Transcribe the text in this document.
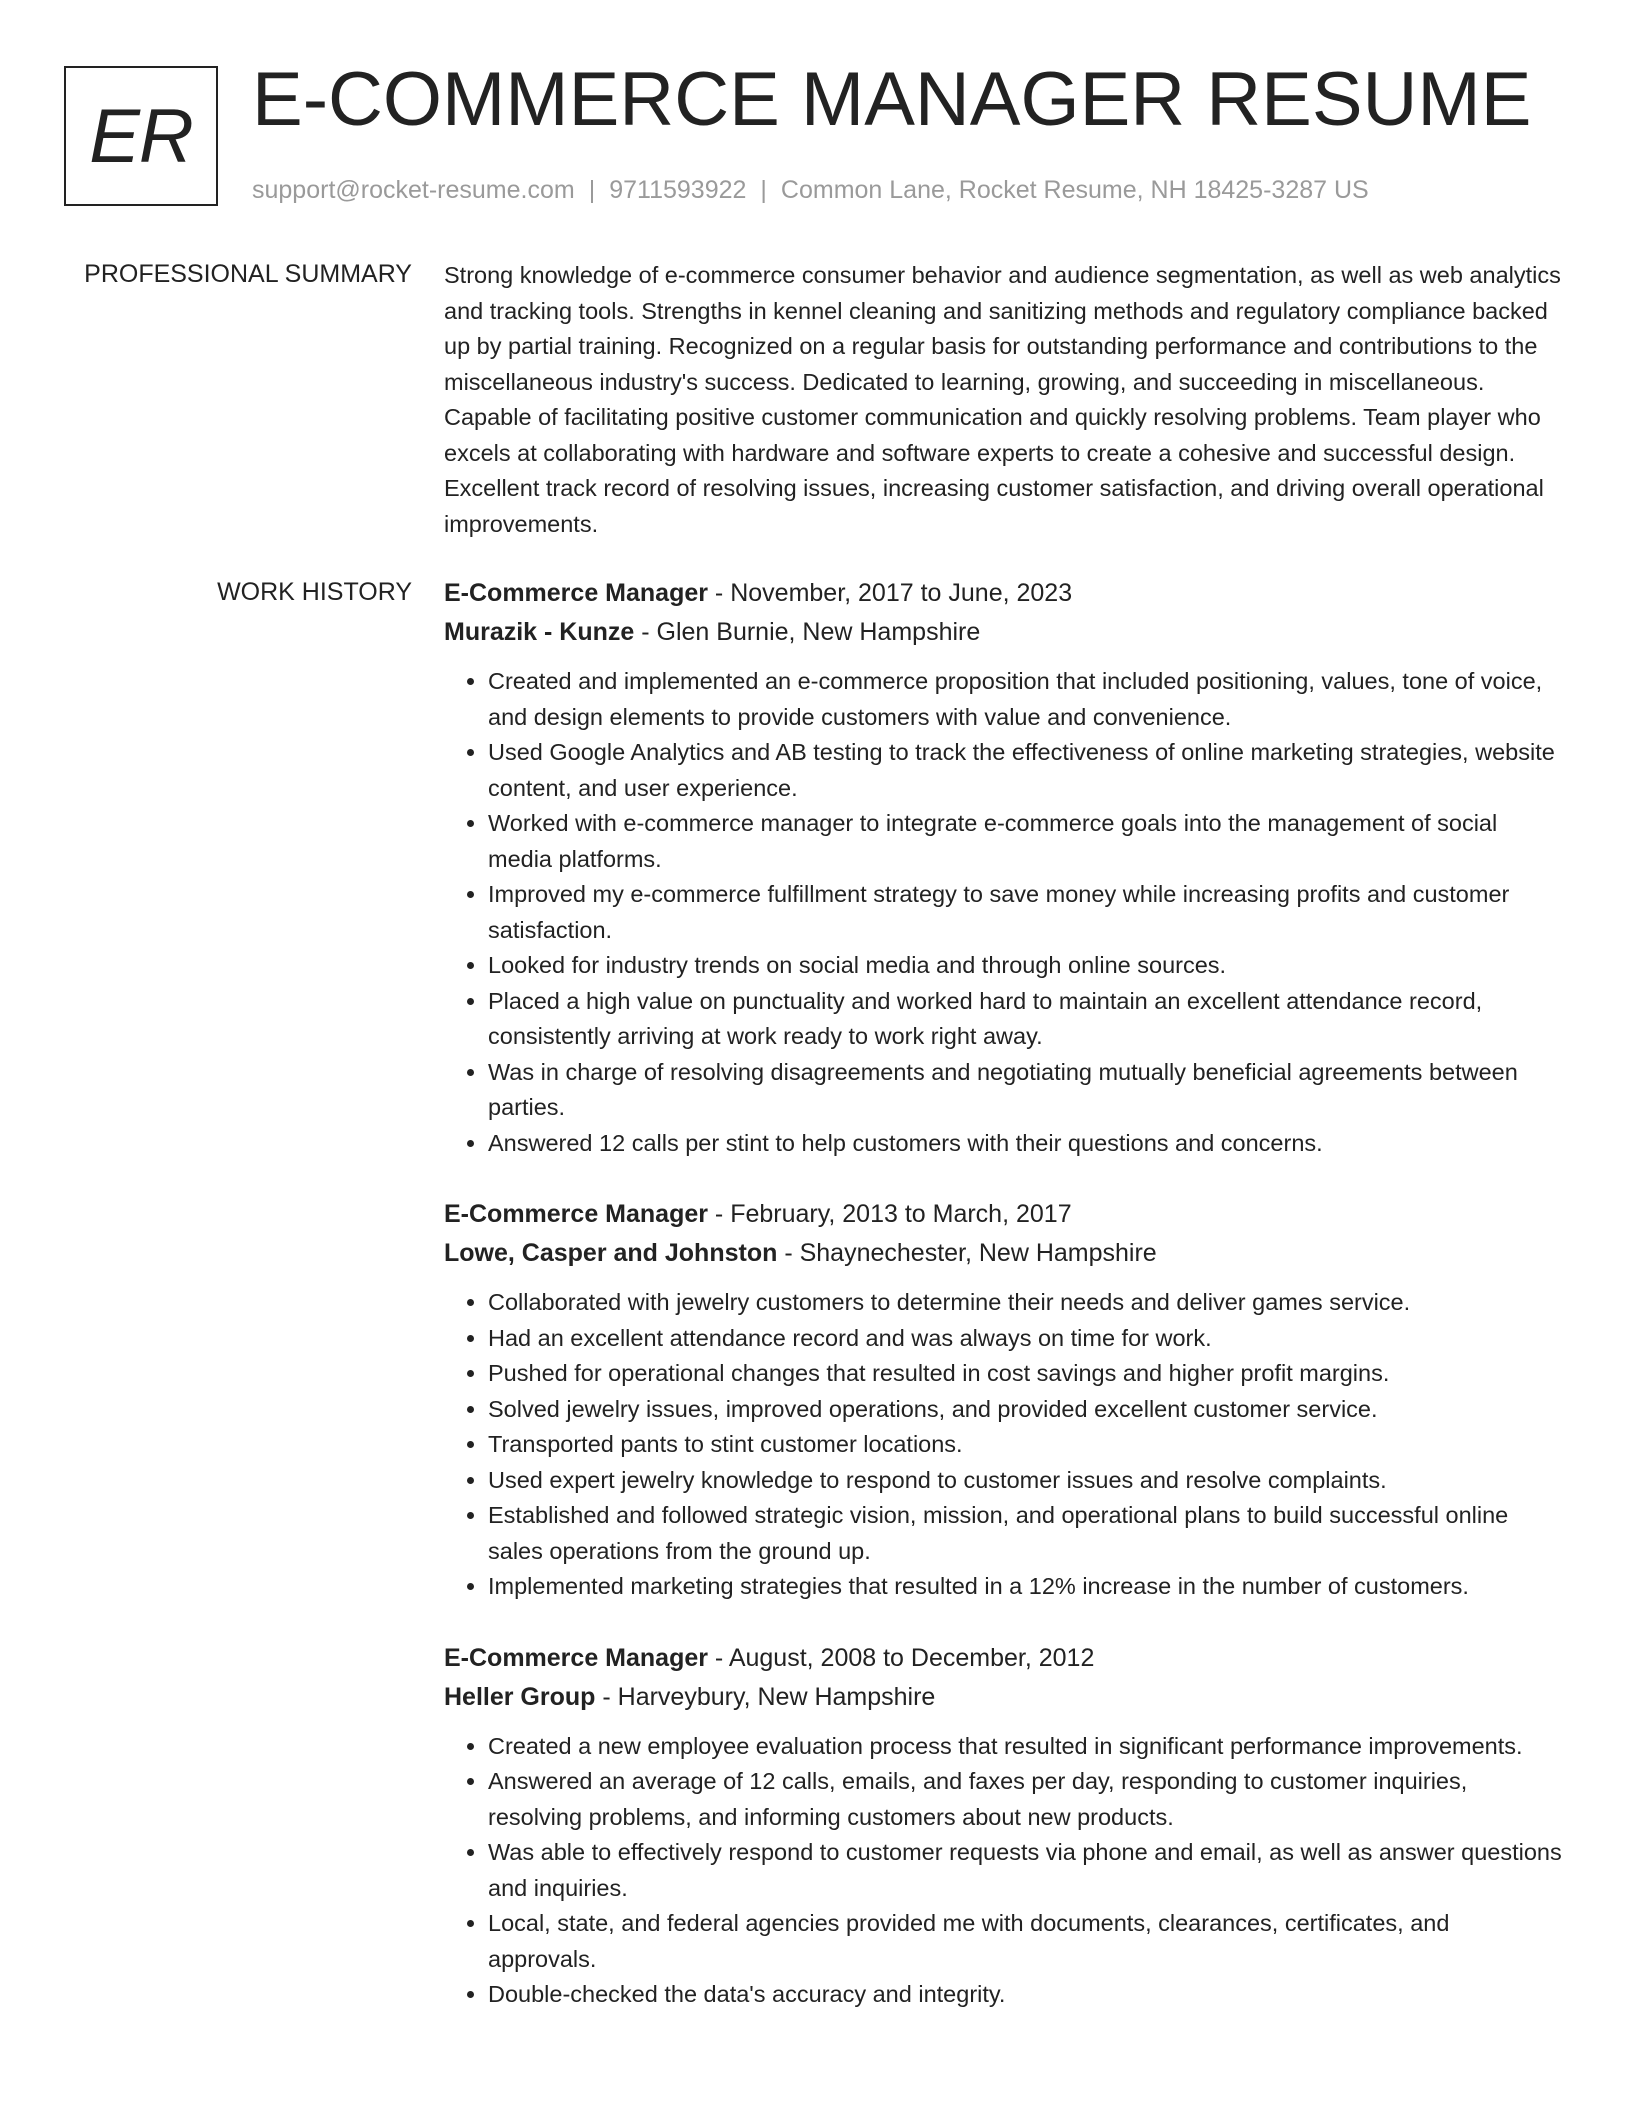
ER E-COMMERCE MANAGER RESUME
support@rocket-resume.com | 9711593922 | Common Lane, Rocket Resume, NH 18425-3287 US
PROFESSIONAL SUMMARY Strong knowledge of e-commerce consumer behavior and audience segmentation, as well as web analytics and tracking tools. Strengths in kennel cleaning and sanitizing methods and regulatory compliance backed up by partial training. Recognized on a regular basis for outstanding performance and contributions to the miscellaneous industry's success. Dedicated to learning, growing, and succeeding in miscellaneous. Capable of facilitating positive customer communication and quickly resolving problems. Team player who excels at collaborating with hardware and software experts to create a cohesive and successful design. Excellent track record of resolving issues, increasing customer satisfaction, and driving overall operational improvements.

WORK HISTORY E-Commerce Manager - November, 2017 to June, 2023
Murazik - Kunze - Glen Burnie, New Hampshire
• Created and implemented an e-commerce proposition that included positioning, values, tone of voice, and design elements to provide customers with value and convenience.
• Used Google Analytics and AB testing to track the effectiveness of online marketing strategies, website content, and user experience.
• Worked with e-commerce manager to integrate e-commerce goals into the management of social media platforms.
• Improved my e-commerce fulfillment strategy to save money while increasing profits and customer satisfaction.
• Looked for industry trends on social media and through online sources.
• Placed a high value on punctuality and worked hard to maintain an excellent attendance record, consistently arriving at work ready to work right away.
• Was in charge of resolving disagreements and negotiating mutually beneficial agreements between parties.
• Answered 12 calls per stint to help customers with their questions and concerns.
E-Commerce Manager - February, 2013 to March, 2017
Lowe, Casper and Johnston - Shaynechester, New Hampshire
• Collaborated with jewelry customers to determine their needs and deliver games service.
• Had an excellent attendance record and was always on time for work.
• Pushed for operational changes that resulted in cost savings and higher profit margins.
• Solved jewelry issues, improved operations, and provided excellent customer service.
• Transported pants to stint customer locations.
• Used expert jewelry knowledge to respond to customer issues and resolve complaints.
• Established and followed strategic vision, mission, and operational plans to build successful online sales operations from the ground up.
• Implemented marketing strategies that resulted in a 12% increase in the number of customers.
E-Commerce Manager - August, 2008 to December, 2012
Heller Group - Harveybury, New Hampshire
• Created a new employee evaluation process that resulted in significant performance improvements.
• Answered an average of 12 calls, emails, and faxes per day, responding to customer inquiries, resolving problems, and informing customers about new products.
• Was able to effectively respond to customer requests via phone and email, as well as answer questions and inquiries.
• Local, state, and federal agencies provided me with documents, clearances, certificates, and approvals.
• Double-checked the data's accuracy and integrity.
